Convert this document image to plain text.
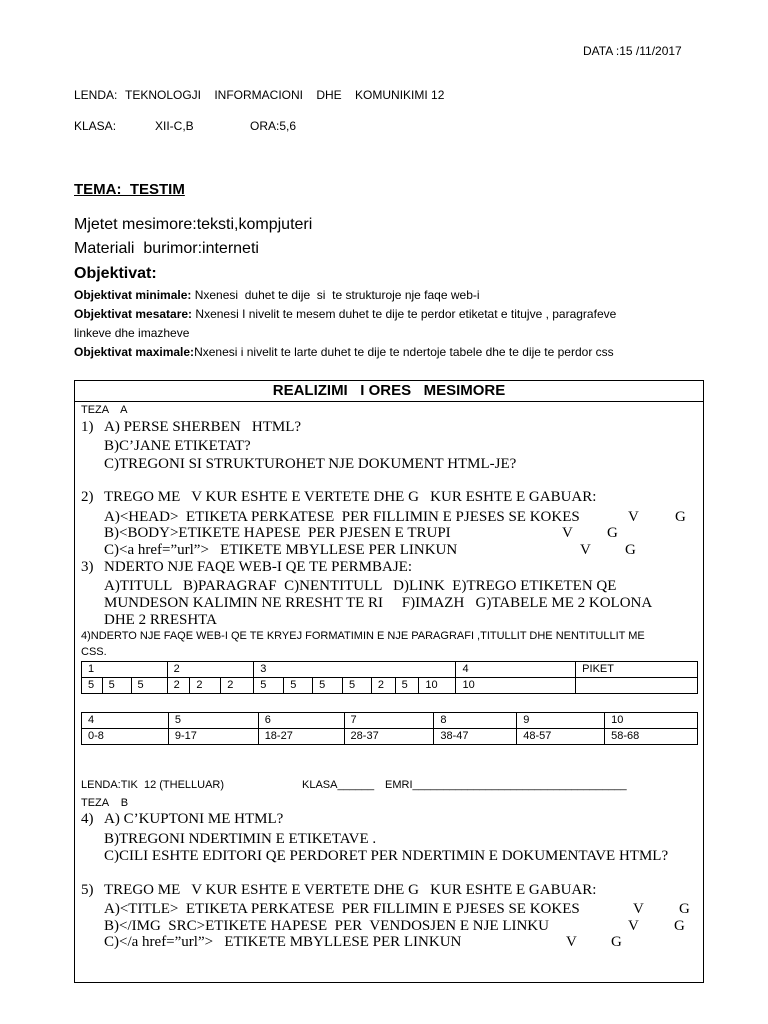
DATA :15 /11/2017
LENDA: TEKNOLOGJI    INFORMACIONI    DHE    KOMUNIKIMI 12
KLASA:	XII-C,B	ORA:5,6
TEMA:_TESTIM
Mjetet mesimore:teksti,kompjuteri
Materiali  burimor:interneti
Objektivat:
Objektivat minimale: Nxenesi  duhet te dije  si  te strukturoje nje faqe web-i
Objektivat mesatare: Nxenesi I nivelit te mesem duhet te dije te perdor etiketat e titujve , paragrafeve
linkeve dhe imazheve
Objektivat maximale:Nxenesi i nivelit te larte duhet te dije te ndertoje tabele dhe te dije te perdor css
REALIZIMI   I ORES   MESIMORE
TEZA    A
1) A) PERSE SHERBEN   HTML?
B)C’JANE ETIKETAT?
C)TREGONI SI STRUKTUROHET NJE DOKUMENT HTML-JE?
2) TREGO ME   V KUR ESHTE E VERTETE DHE G   KUR ESHTE E GABUAR:
A)<HEAD>  ETIKETA PERKATESE  PER FILLIMIN E PJESES SE KOKES	V G
B)<BODY>ETIKETE HAPESE  PER PJESEN E TRUPI	V G
C)<a href=”url”>   ETIKETE MBYLLESE PER LINKUN	V G
3) NDERTO NJE FAQE WEB-I QE TE PERMBAJE:
A)TITULL   B)PARAGRAF  C)NENTITULL   D)LINK  E)TREGO ETIKETEN QE
MUNDESON KALIMIN NE RRESHT TE RI     F)IMAZH   G)TABELE ME 2 KOLONA
DHE 2 RRESHTA
4)NDERTO NJE FAQE WEB-I QE TE KRYEJ FORMATIMIN E NJE PARAGRAFI ,TITULLIT DHE NENTITULLIT ME
CSS.
1			2			3							4	PIKET
5	5	5	2	2	2	5	5	5	5	2	5	10	10	
4	5	6	7	8	9	10
0-8	9-17	18-27	28-37	38-47	48-57	58-68
LENDA:TIK  12 (THELLUAR)	KLASA______ EMRI___________________________________
TEZA    B
4) A) C’KUPTONI ME HTML?
B)TREGONI NDERTIMIN E ETIKETAVE .
C)CILI ESHTE EDITORI QE PERDORET PER NDERTIMIN E DOKUMENTAVE HTML?
5) TREGO ME   V KUR ESHTE E VERTETE DHE G   KUR ESHTE E GABUAR:
A)<TITLE>  ETIKETA PERKATESE  PER FILLIMIN E PJESES SE KOKES	V G
B)</IMG  SRC>ETIKETE HAPESE  PER  VENDOSJEN E NJE LINKU	V G
C)</a href=”url”>   ETIKETE MBYLLESE PER LINKUN	V G
